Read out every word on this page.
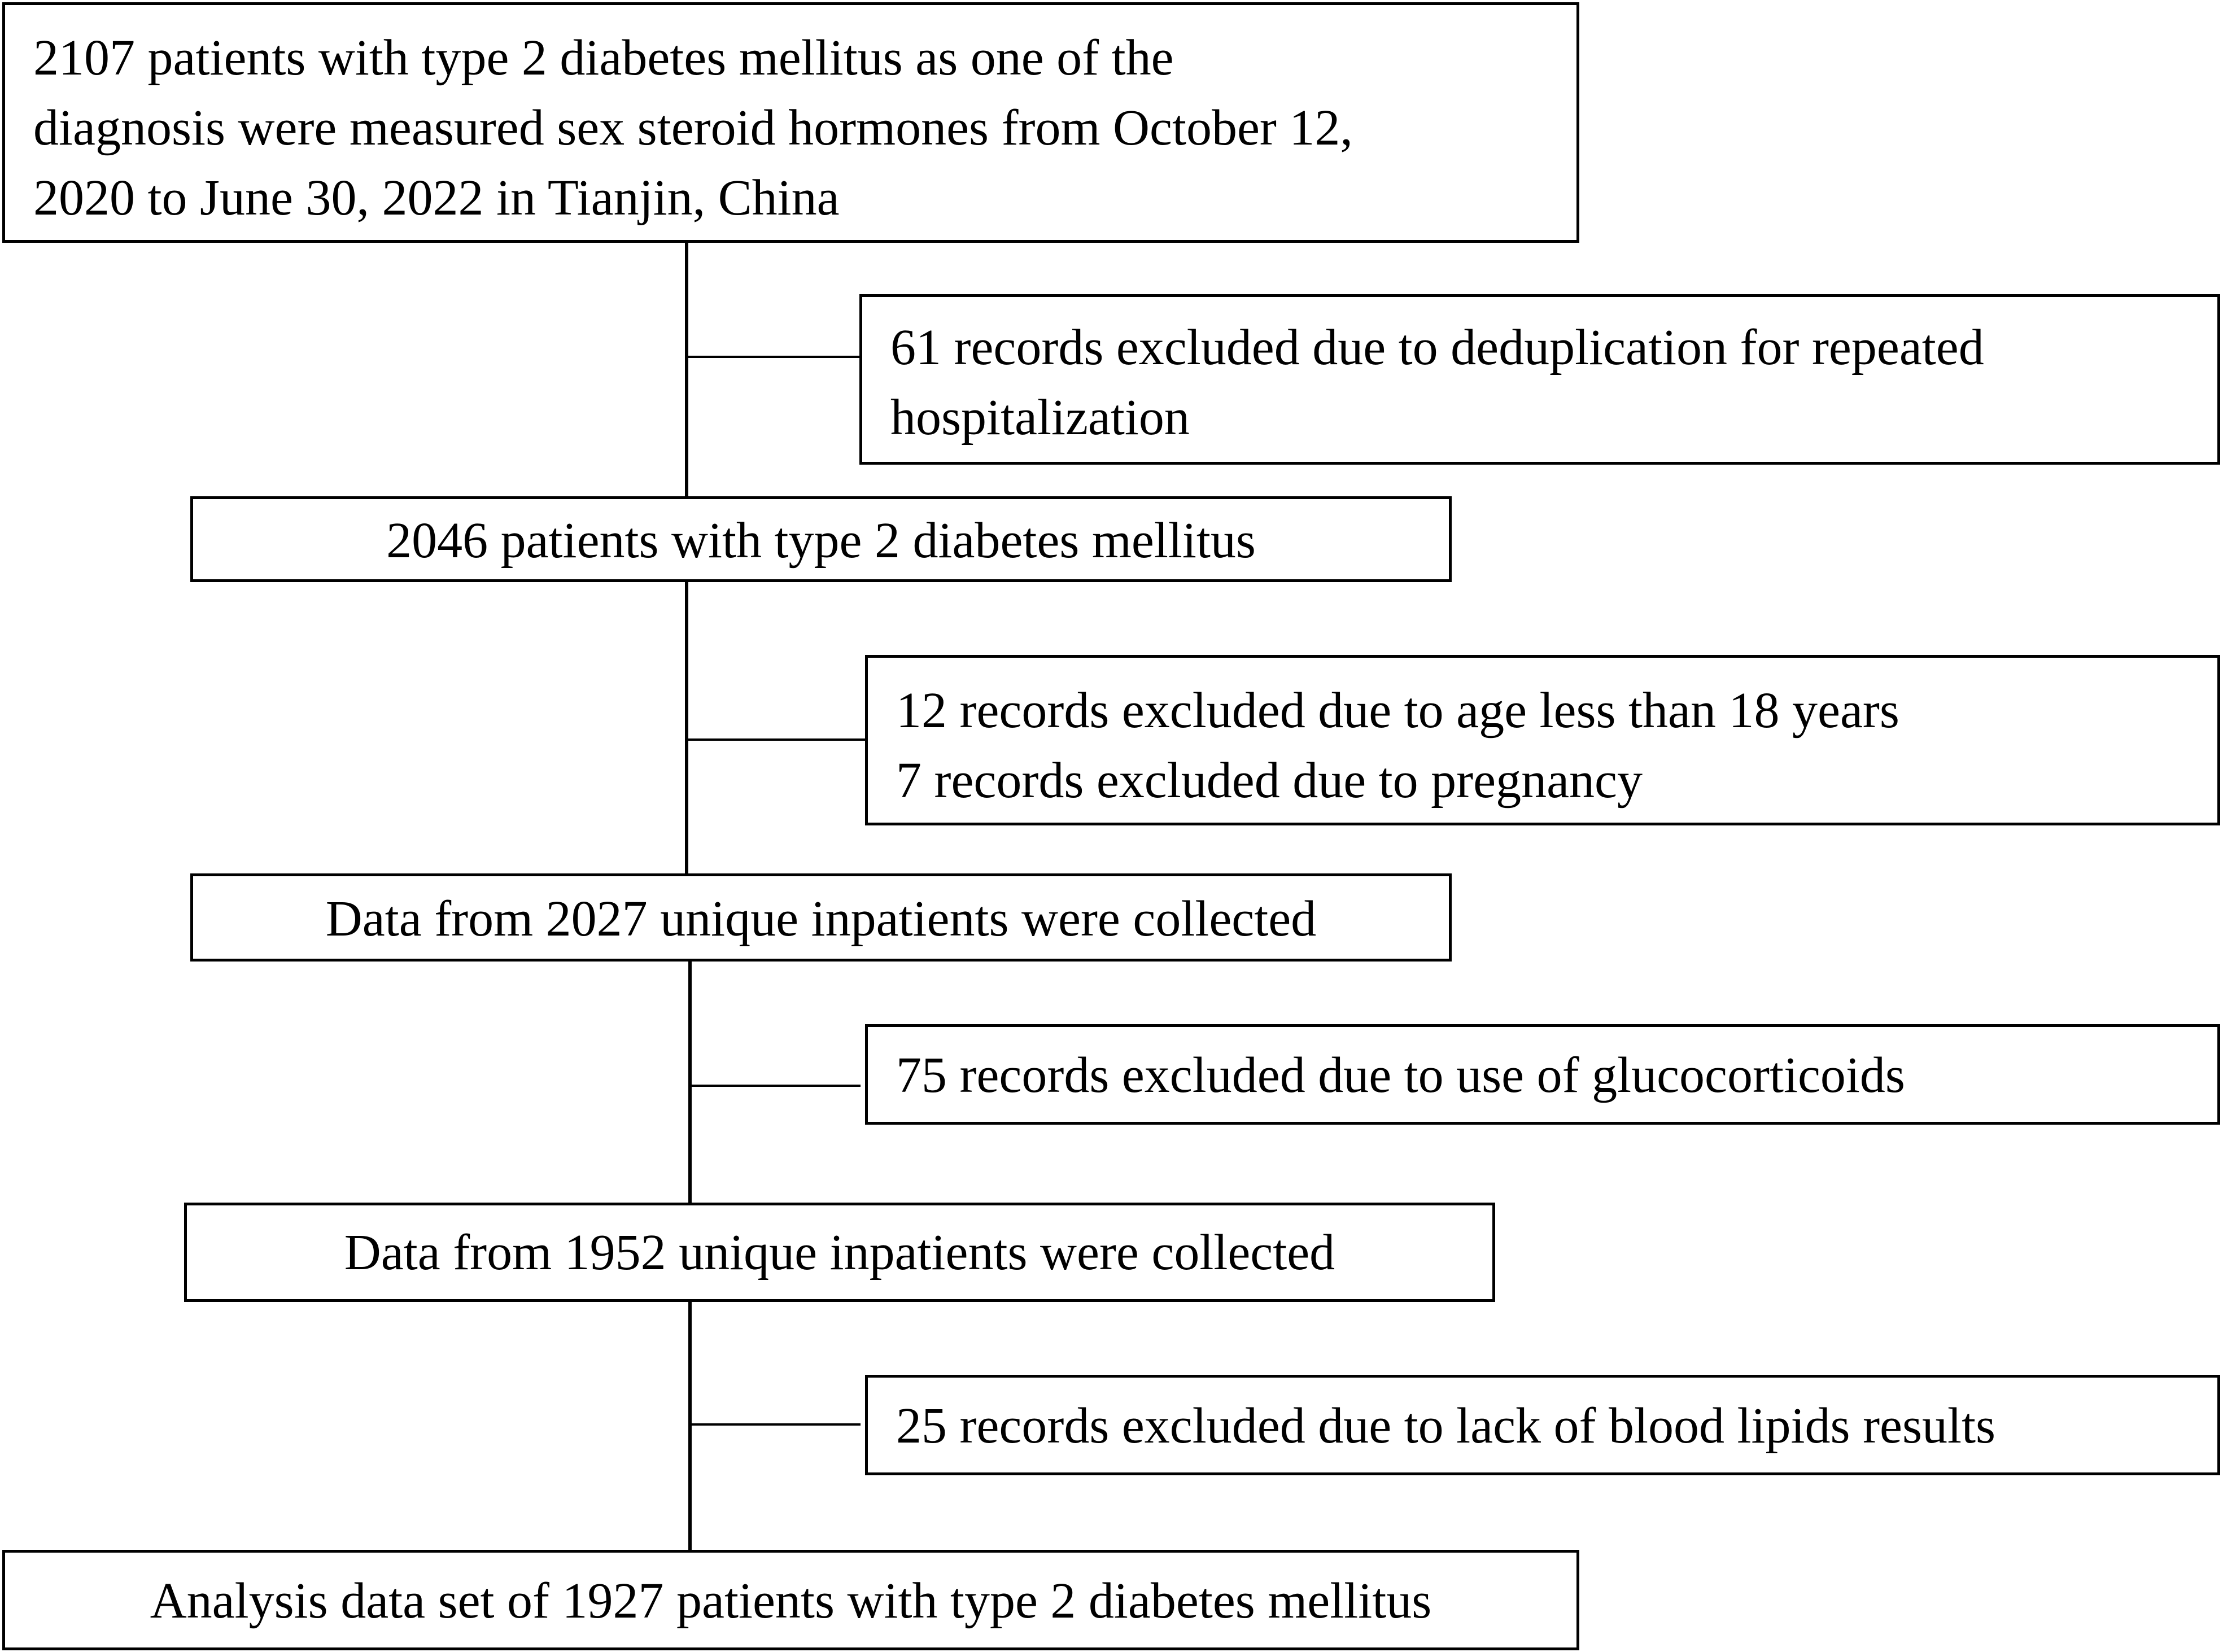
2107 patients with type 2 diabetes mellitus as one of the
diagnosis were measured sex steroid hormones from October 12,
2020 to June 30, 2022 in Tianjin, China
2046 patients with type 2 diabetes mellitus
Data from 2027 unique inpatients were collected
Data from 1952 unique inpatients were collected
Analysis data set of 1927 patients with type 2 diabetes mellitus
61 records excluded due to deduplication for repeated
hospitalization
12 records excluded due to age less than 18 years
7 records excluded due to pregnancy
75 records excluded due to use of glucocorticoids
25 records excluded due to lack of blood lipids results
